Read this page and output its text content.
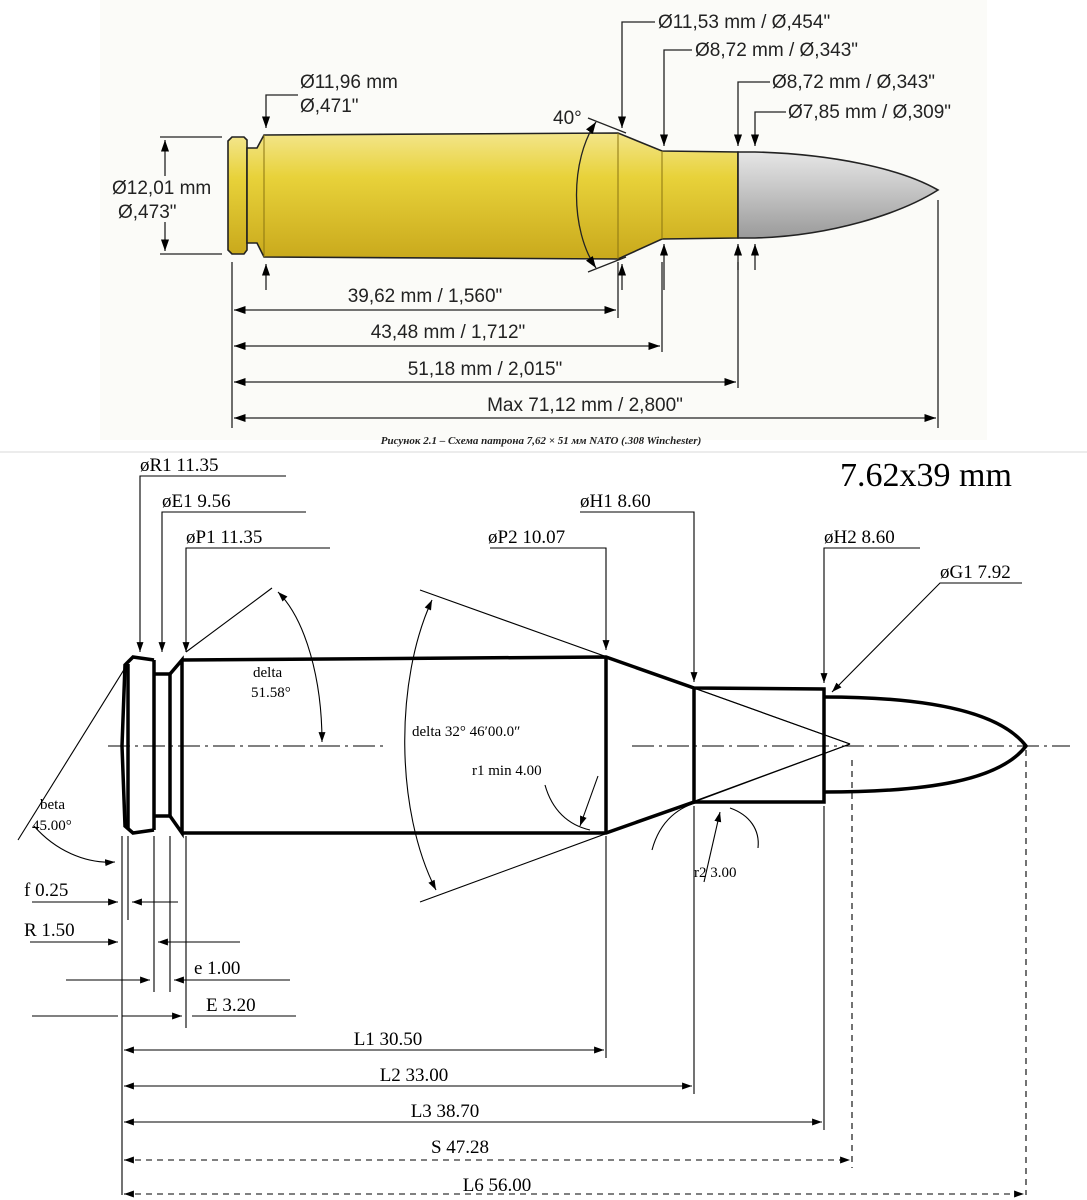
Ø12,01 mm
Ø,473"
Ø11,96 mm
Ø,471"
Ø11,53 mm / Ø,454"
Ø8,72 mm / Ø,343"
Ø8,72 mm / Ø,343"
Ø7,85 mm / Ø,309"
40°
39,62 mm / 1,560"
43,48 mm / 1,712"
51,18 mm / 2,015"
Max 71,12 mm / 2,800"
Рисунок 2.1 – Схема патрона 7,62 × 51 мм NATO (.308 Winchester)
7.62x39 mm
beta
45.00°
delta
51.58°
delta 32° 46′00.0″
r1 min 4.00
r2 3.00
øR1 11.35
øE1 9.56
øP1 11.35	øP2 10.07
øH1 8.60
øH2 8.60
øG1 7.92
f 0.25
R 1.50
e 1.00
E 3.20
L1 30.50
L2 33.00
L3 38.70
S 47.28
L6 56.00
